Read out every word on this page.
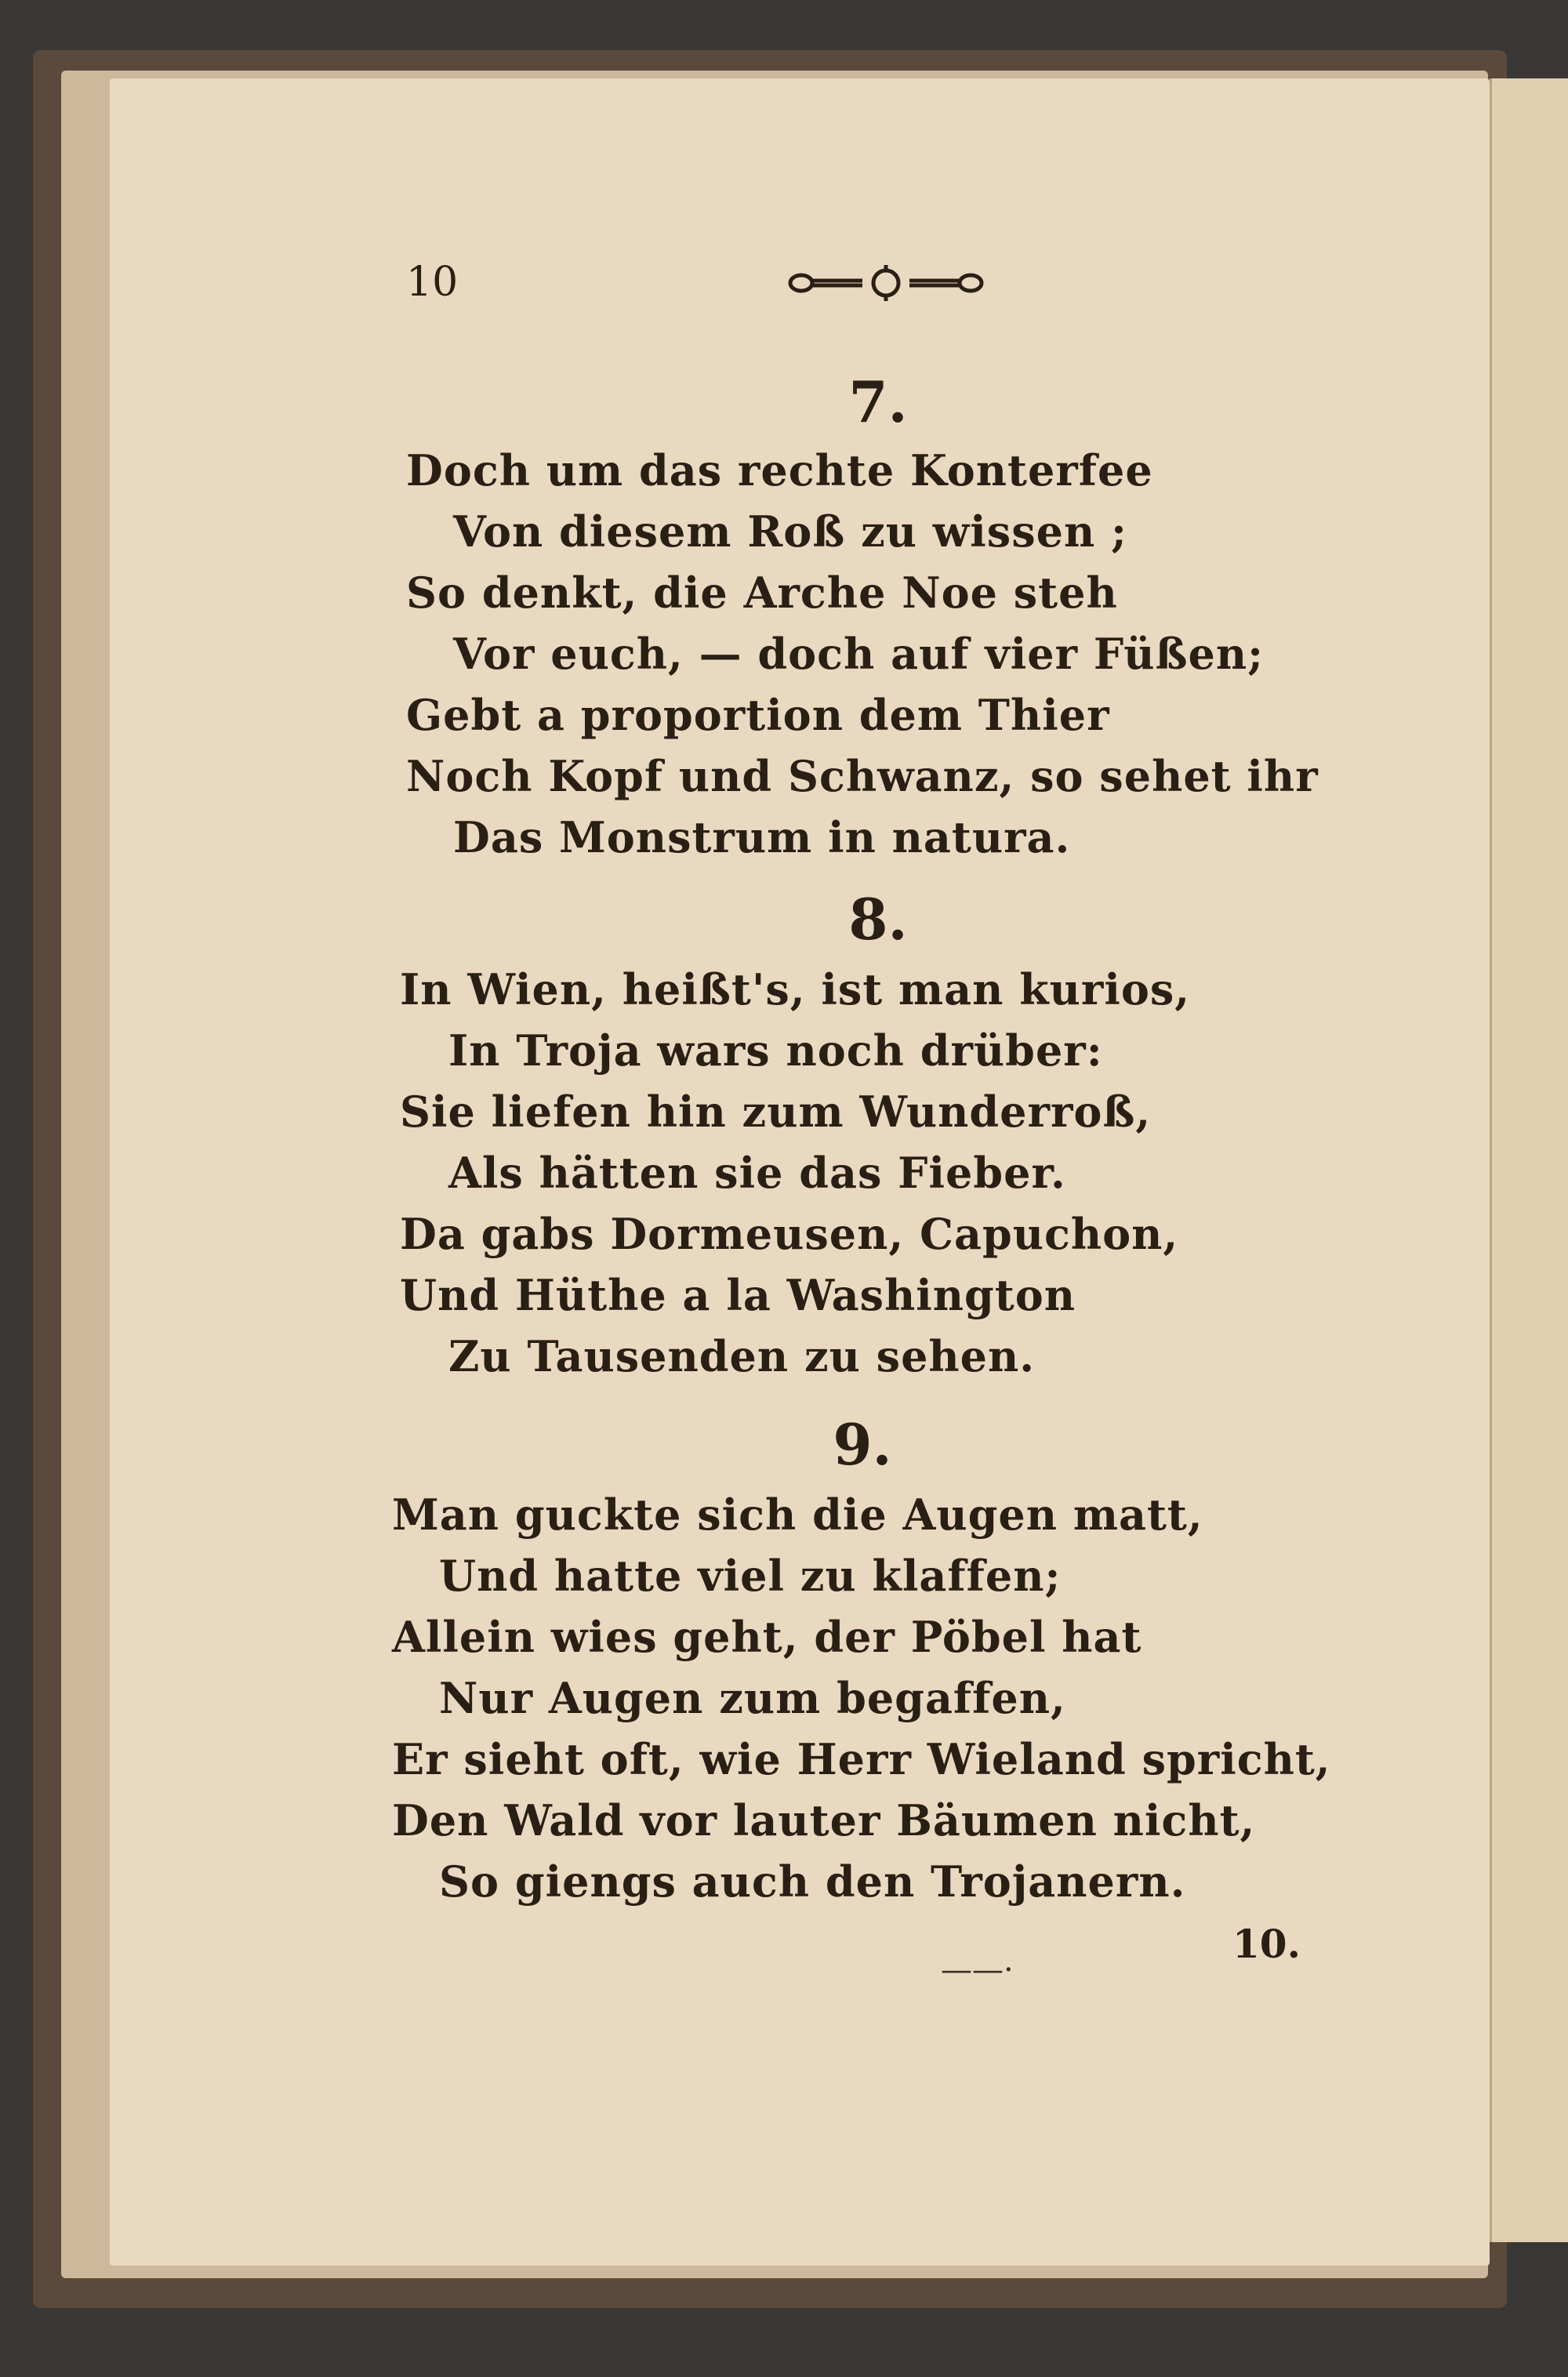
10
7.
Doch um das rechte Konterfee
Von diesem Roß zu wissen ;
So denkt, die Arche Noe steh
Vor euch, — doch auf vier Füßen;
Gebt a proportion dem Thier
Noch Kopf und Schwanz, so sehet ihr
Das Monstrum in natura.
8.
In Wien, heißt's, ist man kurios,
In Troja wars noch drüber:
Sie liefen hin zum Wunderroß,
Als hätten sie das Fieber.
Da gabs Dormeusen, Capuchon,
Und Hüthe a la Washington
Zu Tausenden zu sehen.
9.
Man guckte sich die Augen matt,
Und hatte viel zu klaffen;
Allein wies geht, der Pöbel hat
Nur Augen zum begaffen,
Er sieht oft, wie Herr Wieland spricht,
Den Wald vor lauter Bäumen nicht,
So giengs auch den Trojanern.
——·
10.
